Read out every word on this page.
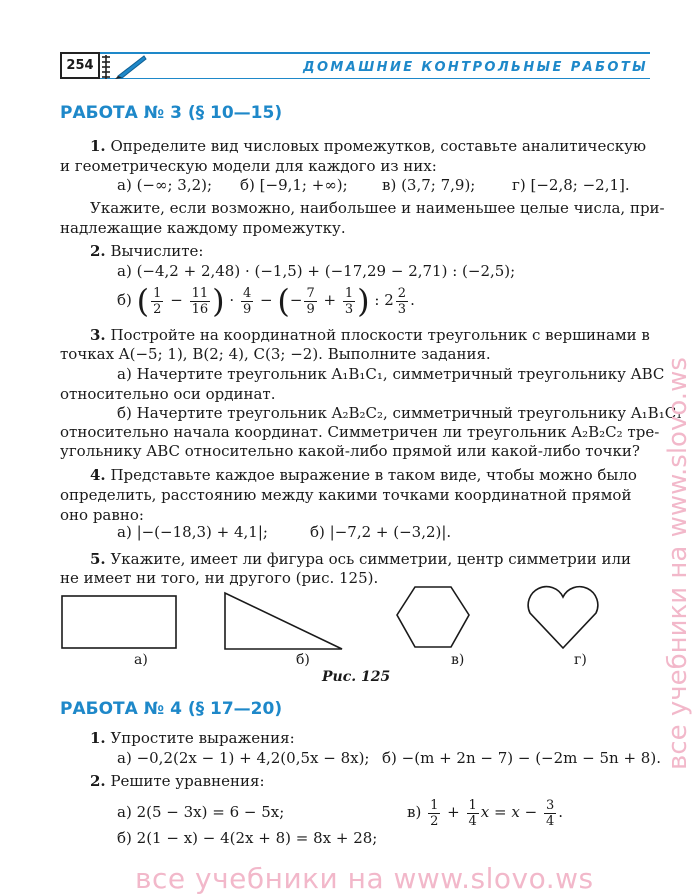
254	ДОМАШНИЕ КОНТРОЛЬНЫЕ РАБОТЫ
РАБОТА № 3 (§ 10—15)
1. Определите вид числовых промежутков, составьте аналитическую
и геометрическую модели для каждого из них:
а) (−∞; 3,2); б) [−9,1; +∞); в) (3,7; 7,9); г) [−2,8; −2,1].
Укажите, если возможно, наибольшее и наименьшее целые числа, при-
надлежащие каждому промежутку.
2. Вычислите:
а) (−4,2 + 2,48) · (−1,5) + (−17,29 − 2,71) : (−2,5);
б) ( $\frac{1}{2} - \frac{11}{16}$ ) · $\frac{4}{9}$ − (− $\frac{7}{9} + \frac{1}{3}$ ) : $2 \frac{2}{3}$ .
3. Постройте на координатной плоскости треугольник с вершинами в
точках A(−5; 1), B(2; 4), C(3; −2). Выполните задания.
а) Начертите треугольник A₁B₁C₁, симметричный треугольнику ABC
относительно оси ординат.
б) Начертите треугольник A₂B₂C₂, симметричный треугольнику A₁B₁C₁
относительно начала координат. Симметричен ли треугольник A₂B₂C₂ тре-
угольнику ABC относительно какой-либо прямой или какой-либо точки?
4. Представьте каждое выражение в таком виде, чтобы можно было
определить, расстоянию между какими точками координатной прямой
оно равно:
а) |−(−18,3) + 4,1|;	б) |−7,2 + (−3,2)|.
5. Укажите, имеет ли фигура ось симметрии, центр симметрии или
не имеет ни того, ни другого (рис. 125).
а)	б)	в)	г)
Рис. 125
РАБОТА № 4 (§ 17—20)
1. Упростите выражения:
а) −0,2(2x − 1) + 4,2(0,5x − 8x); б) −(m + 2n − 7) − (−2m − 5n + 8).
2. Решите уравнения:
а) 2(5 − 3x) = 6 − 5x;
б) 2(1 − x) − 4(2x + 8) = 8x + 28;
$в) \frac{1}{2} + \frac{1}{4}$ $x = x - \frac{3}{4}$ .
все учебники на www.slovo.ws
все учебники на www.slovo.ws
